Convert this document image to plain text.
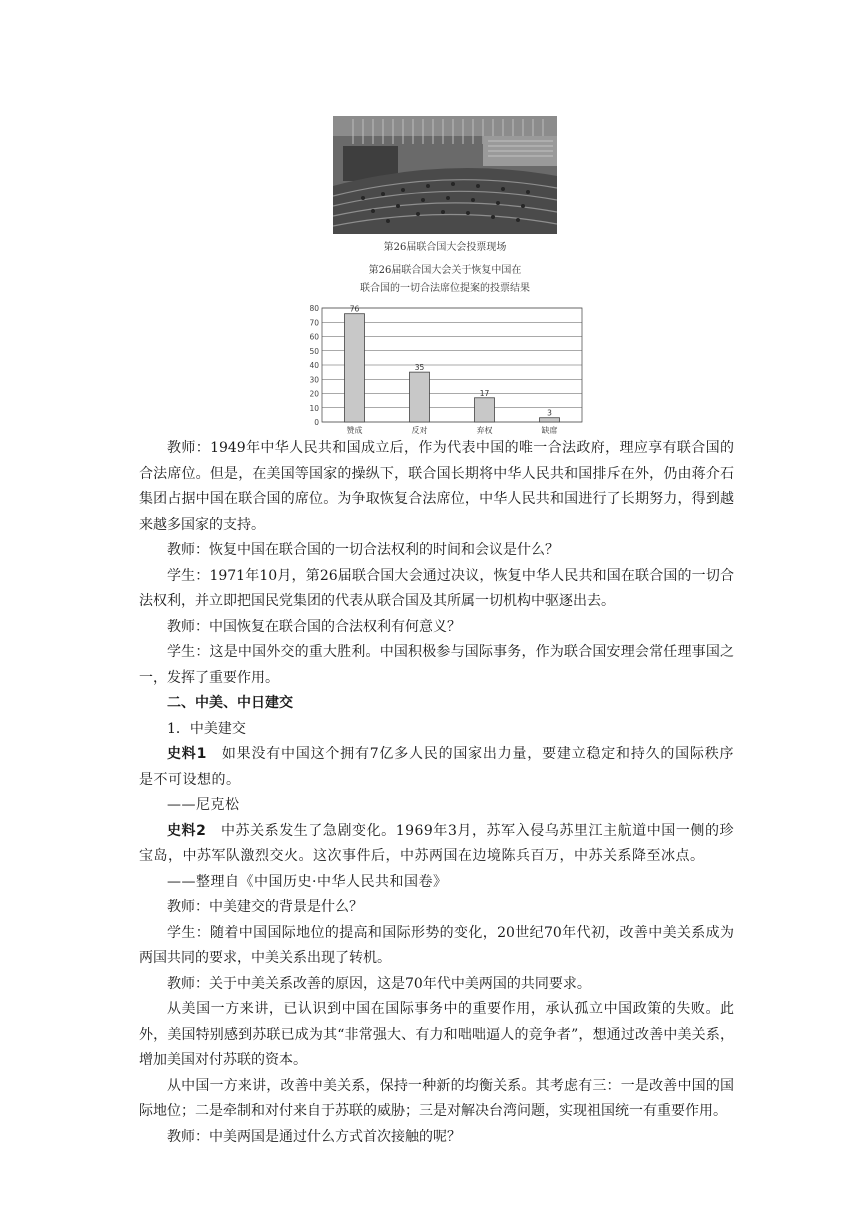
第26届联合国大会投票现场
第26届联合国大会关于恢复中国在
联合国的一切合法席位提案的投票结果
0
10
20
30
40
50
60
70
80	76
赞成
35
反对
17
弃权
3
缺席

教师：1949年中华人民共和国成立后，作为代表中国的唯一合法政府，理应享有联合国的合法席位。但是，在美国等国家的操纵下，联合国长期将中华人民共和国排斥在外，仍由蒋介石集团占据中国在联合国的席位。为争取恢复合法席位，中华人民共和国进行了长期努力，得到越来越多国家的支持。

教师：恢复中国在联合国的一切合法权利的时间和会议是什么？

学生：1971年10月，第26届联合国大会通过决议，恢复中华人民共和国在联合国的一切合法权利，并立即把国民党集团的代表从联合国及其所属一切机构中驱逐出去。

教师：中国恢复在联合国的合法权利有何意义？

学生：这是中国外交的重大胜利。中国积极参与国际事务，作为联合国安理会常任理事国之一，发挥了重要作用。

二、中美、中日建交

1．中美建交

史料1　 如果没有中国这个拥有7亿多人民的国家出力量，要建立稳定和持久的国际秩序是不可设想的。

——尼克松

史料2　 中苏关系发生了急剧变化。1969年3月，苏军入侵乌苏里江主航道中国一侧的珍宝岛，中苏军队激烈交火。这次事件后，中苏两国在边境陈兵百万，中苏关系降至冰点。

——整理自《中国历史·中华人民共和国卷》

教师：中美建交的背景是什么？

学生：随着中国国际地位的提高和国际形势的变化，20世纪70年代初，改善中美关系成为两国共同的要求，中美关系出现了转机。

教师：关于中美关系改善的原因，这是70年代中美两国的共同要求。

从美国一方来讲，已认识到中国在国际事务中的重要作用，承认孤立中国政策的失败。此外，美国特别感到苏联已成为其“非常强大、有力和咄咄逼人的竞争者”，想通过改善中美关系，增加美国对付苏联的资本。

从中国一方来讲，改善中美关系，保持一种新的均衡关系。其考虑有三：一是改善中国的国际地位；二是牵制和对付来自于苏联的威胁；三是对解决台湾问题，实现祖国统一有重要作用。

教师：中美两国是通过什么方式首次接触的呢？
